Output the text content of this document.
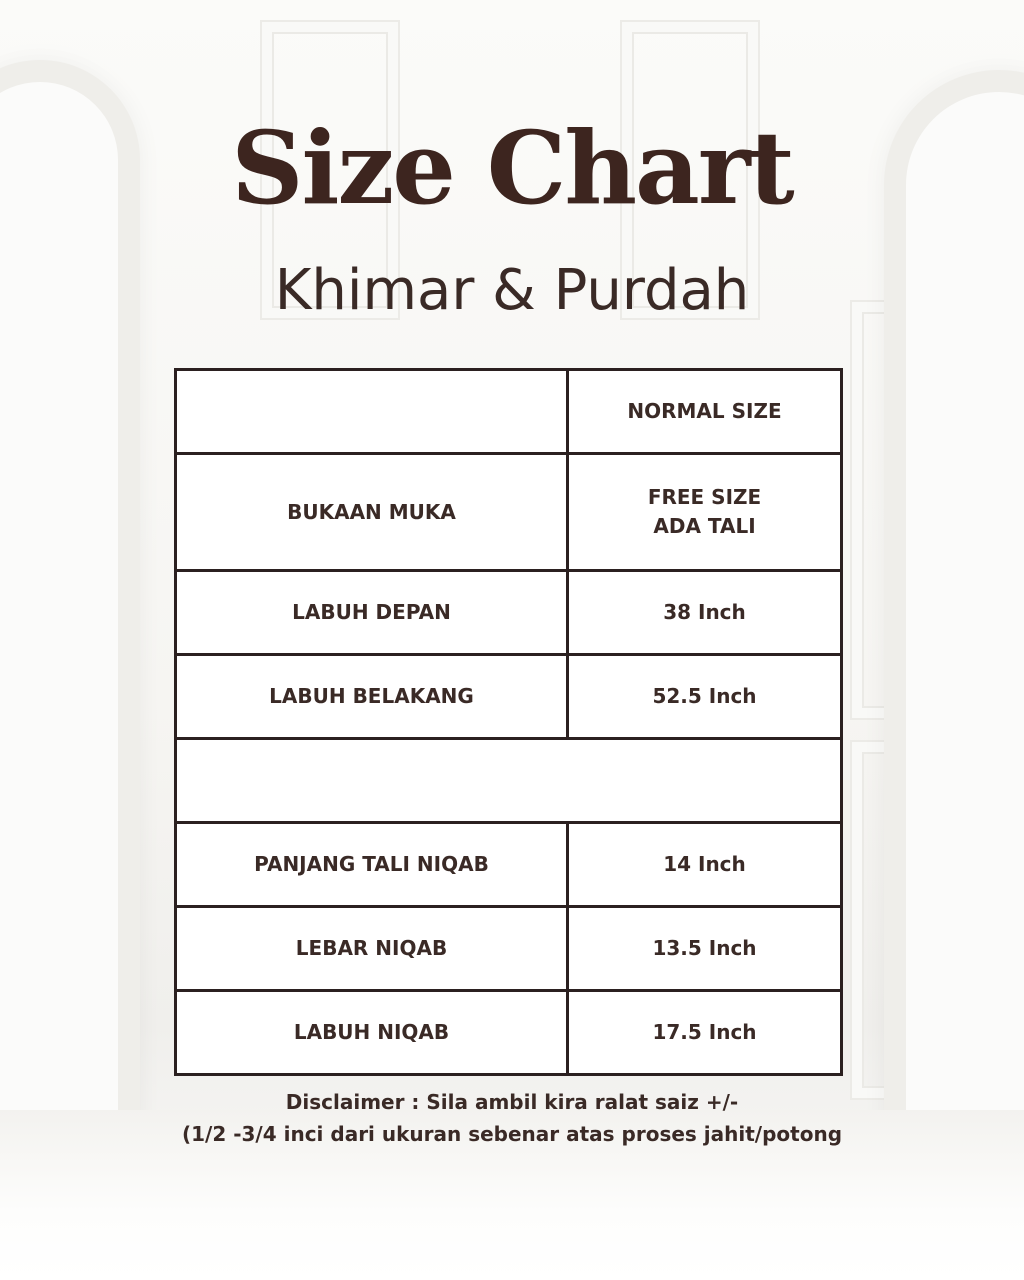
Size Chart
Khimar & Purdah
	NORMAL SIZE
BUKAAN MUKA	FREE SIZE
ADA TALI
LABUH DEPAN	38 Inch
LABUH BELAKANG	52.5 Inch

PANJANG TALI NIQAB	14 Inch
LEBAR NIQAB	13.5 Inch
LABUH NIQAB	17.5 Inch
Disclaimer : Sila ambil kira ralat saiz +/-
(1/2 -3/4 inci dari ukuran sebenar atas proses jahit/potong
